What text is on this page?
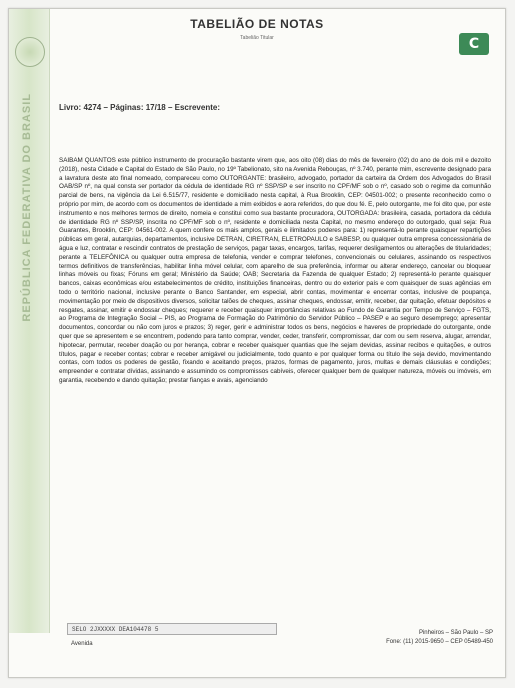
REPÚBLICA FEDERATIVA DO BRASIL
TABELIÃO DE NOTAS
Tabelião Titular	C
Livro: 4274 – Páginas: 17/18 – Escrevente:
SAIBAM QUANTOS este público instrumento de procuração bastante virem que, aos oito (08) dias do mês de fevereiro (02) do ano de dois mil e dezoito (2018), nesta Cidade e Capital do Estado de São Paulo, no 19º Tabelionato, sito na Avenida Rebouças, nº 3.740, perante mim, escrevente designado para a lavratura deste ato final nomeado, compareceu como OUTORGANTE: brasileiro, advogado, portador da carteira da Ordem dos Advogados do Brasil OAB/SP nº, na qual consta ser portador da cédula de identidade RG nº SSP/SP e ser inscrito no CPF/MF sob o nº, casado sob o regime da comunhão parcial de bens, na vigência da Lei 6.515/77, residente e domiciliado nesta capital, à Rua Brooklin, CEP: 04501-002; o presente reconhecido como o próprio por mim, de acordo com os documentos de identidade a mim exibidos e aora referidos, do que dou fé. E, pelo outorgante, me foi dito que, por este instrumento e nos melhores termos de direito, nomeia e constitui como sua bastante procuradora, OUTORGADA: brasileira, casada, portadora da cédula de identidade RG nº SSP/SP, inscrita no CPF/MF sob o nº, residente e domiciliada nesta Capital, no mesmo endereço do outorgado, qual seja: Rua Guarantes, Brooklin, CEP: 04561-002. A quem confere os mais amplos, gerais e ilimitados poderes para: 1) representá-lo perante quaisquer repartições públicas em geral, autarquias, departamentos, inclusive DETRAN, CIRETRAN, ELETROPAULO e SABESP, ou qualquer outra empresa concessionária de água e luz, contratar e rescindir contratos de prestação de serviços, pagar taxas, encargos, tarifas, requerer desligamentos ou alterações de titularidades; perante a TELEFÔNICA ou qualquer outra empresa de telefonia, vender e comprar telefones, convencionais ou celulares, assinando os respectivos termos definitivos de transferências, habilitar linha móvel celular, com aparelho de sua preferência, informar ou alterar endereço, cancelar ou bloquear linhas móveis ou fixas; Fóruns em geral; Ministério da Saúde; OAB; Secretaria da Fazenda de qualquer Estado; 2) representá-lo perante quaisquer bancos, caixas econômicas e/ou estabelecimentos de crédito, instituições financeiras, dentro ou do exterior país e com quaisquer de suas agências em todo o território nacional, inclusive perante o Banco Santander, em especial, abrir contas, movimentar e encerrar contas, inclusive de poupança, movimentação por meio de dispositivos diversos, solicitar talões de cheques, assinar cheques, endossar, emitir, receber, dar quitação, efetuar depósitos e resgates, assinar, emitir e endossar cheques; requerer e receber quaisquer importâncias relativas ao Fundo de Garantia por Tempo de Serviço – FGTS, ao Programa de Integração Social – PIS, ao Programa de Formação do Patrimônio do Servidor Público – PASEP e ao seguro desemprego; apresentar documentos, concordar ou não com juros e prazos; 3) reger, gerir e administrar todos os bens, negócios e haveres de propriedade do outorgante, onde quer que se apresentem e se encontrem, podendo para tanto comprar, vender, ceder, transferir, compromissar, dar com ou sem reserva, alugar, arrendar, hipotecar, permutar, receber doação ou por herança, cobrar e receber quaisquer quantias que lhe sejam devidas, assinar recibos e quitações, e outros títulos, pagar e receber contas; cobrar e receber amigável ou judicialmente, todo quanto e por qualquer forma ou título lhe seja devido, movimentando contas, com todos os poderes de gestão, fixando e aceitando preços, prazos, formas de pagamento, juros, multas e demais cláusulas e condições; empreender e contratar dívidas, assinando e assumindo os compromissos cabíveis, oferecer qualquer bem de qualquer natureza, móveis ou imóveis, em garantia, recebendo e dando quitação; prestar fianças e avais, agenciando
SELO 2JXXXXX DEA104478 5
Avenida
Pinheiros – São Paulo – SP
Fone: (11) 2015-9650 – CEP 05489-450
